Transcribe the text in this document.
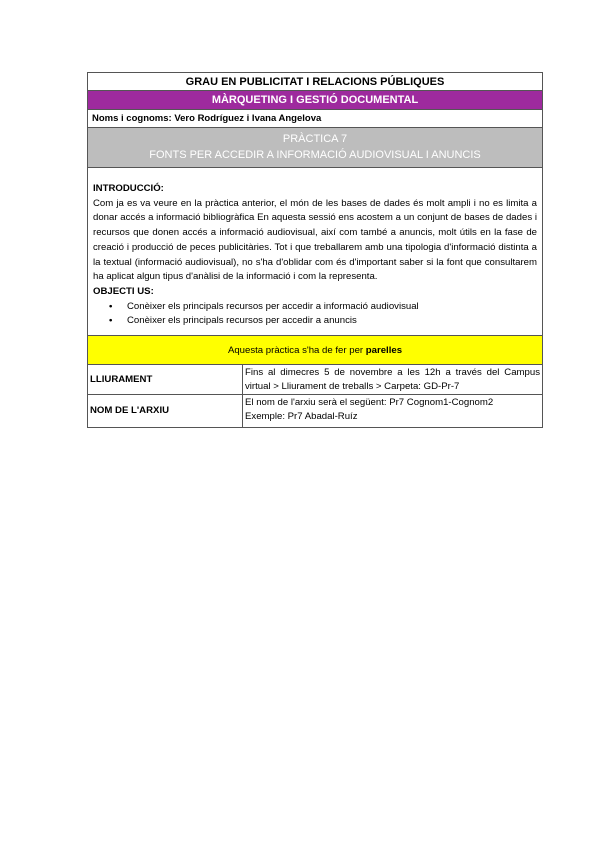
GRAU EN PUBLICITAT I RELACIONS PÚBLIQUES
MÀRQUETING I GESTIÓ DOCUMENTAL
Noms i cognoms: Vero Rodríguez i Ivana Angelova
PRÀCTICA 7
FONTS PER ACCEDIR A INFORMACIÓ AUDIOVISUAL I ANUNCIS

INTRODUCCIÓ:

Com ja es va veure en la pràctica anterior, el món de les bases de dades és molt ampli i no es limita a donar accés a informació bibliogràfica En aquesta sessió ens acostem a un conjunt de bases de dades i recursos que donen accés a informació audiovisual, així com també a anuncis, molt útils en la fase de creació i producció de peces publicitàries. Tot i que treballarem amb una tipologia d'informació distinta a la textual (informació audiovisual), no s'ha d'oblidar com és d'important saber si la font que consultarem ha aplicat algun tipus d'anàlisi de la informació i com la representa.

OBJECTI US:

• Conèixer els principals recursos per accedir a informació audiovisual
• Conèixer els principals recursos per accedir a anuncis
Aquesta pràctica s'ha de fer per parelles
LLIURAMENT
Fins al dimecres 5 de novembre a les 12h a través del Campus virtual > Lliurament de treballs > Carpeta: GD-Pr-7
NOM DE L'ARXIU
El nom de l'arxiu serà el següent: Pr7 Cognom1-Cognom2
Exemple: Pr7 Abadal-Ruíz
